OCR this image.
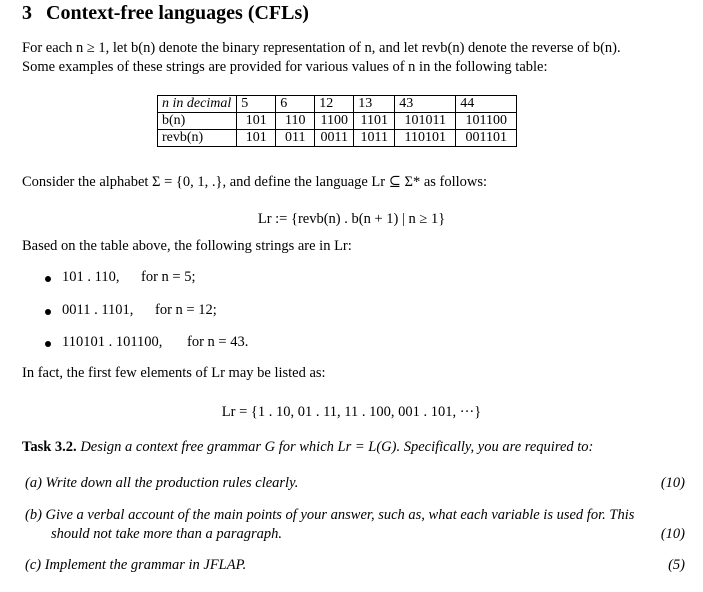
3 Context-free languages (CFLs)
For each n ≥ 1, let b(n) denote the binary representation of n, and let revb(n) denote the reverse of b(n).
Some examples of these strings are provided for various values of n in the following table:
n in decimal	5	6	12	13	43	44
b(n)	101	110	1100	1101	101011	101100
revb(n)	101	011	0011	1011	110101	001101
Consider the alphabet Σ = {0, 1, .}, and define the language Lr ⊆ Σ* as follows:
Lr := {revb(n) . b(n + 1) | n ≥ 1}
Based on the table above, the following strings are in Lr:
101 . 110, for n = 5;
0011 . 1101, for n = 12;
110101 . 101100, for n = 43.
In fact, the first few elements of Lr may be listed as:
Lr = {1 . 10, 01 . 11, 11 . 100, 001 . 101, ···}
Task 3.2. Design a context free grammar G for which Lr = L(G). Specifically, you are required to:
(a) Write down all the production rules clearly.	(10)
(b) Give a verbal account of the main points of your answer, such as, what each variable is used for. This
should not take more than a paragraph.	(10)
(c) Implement the grammar in JFLAP.	(5)
